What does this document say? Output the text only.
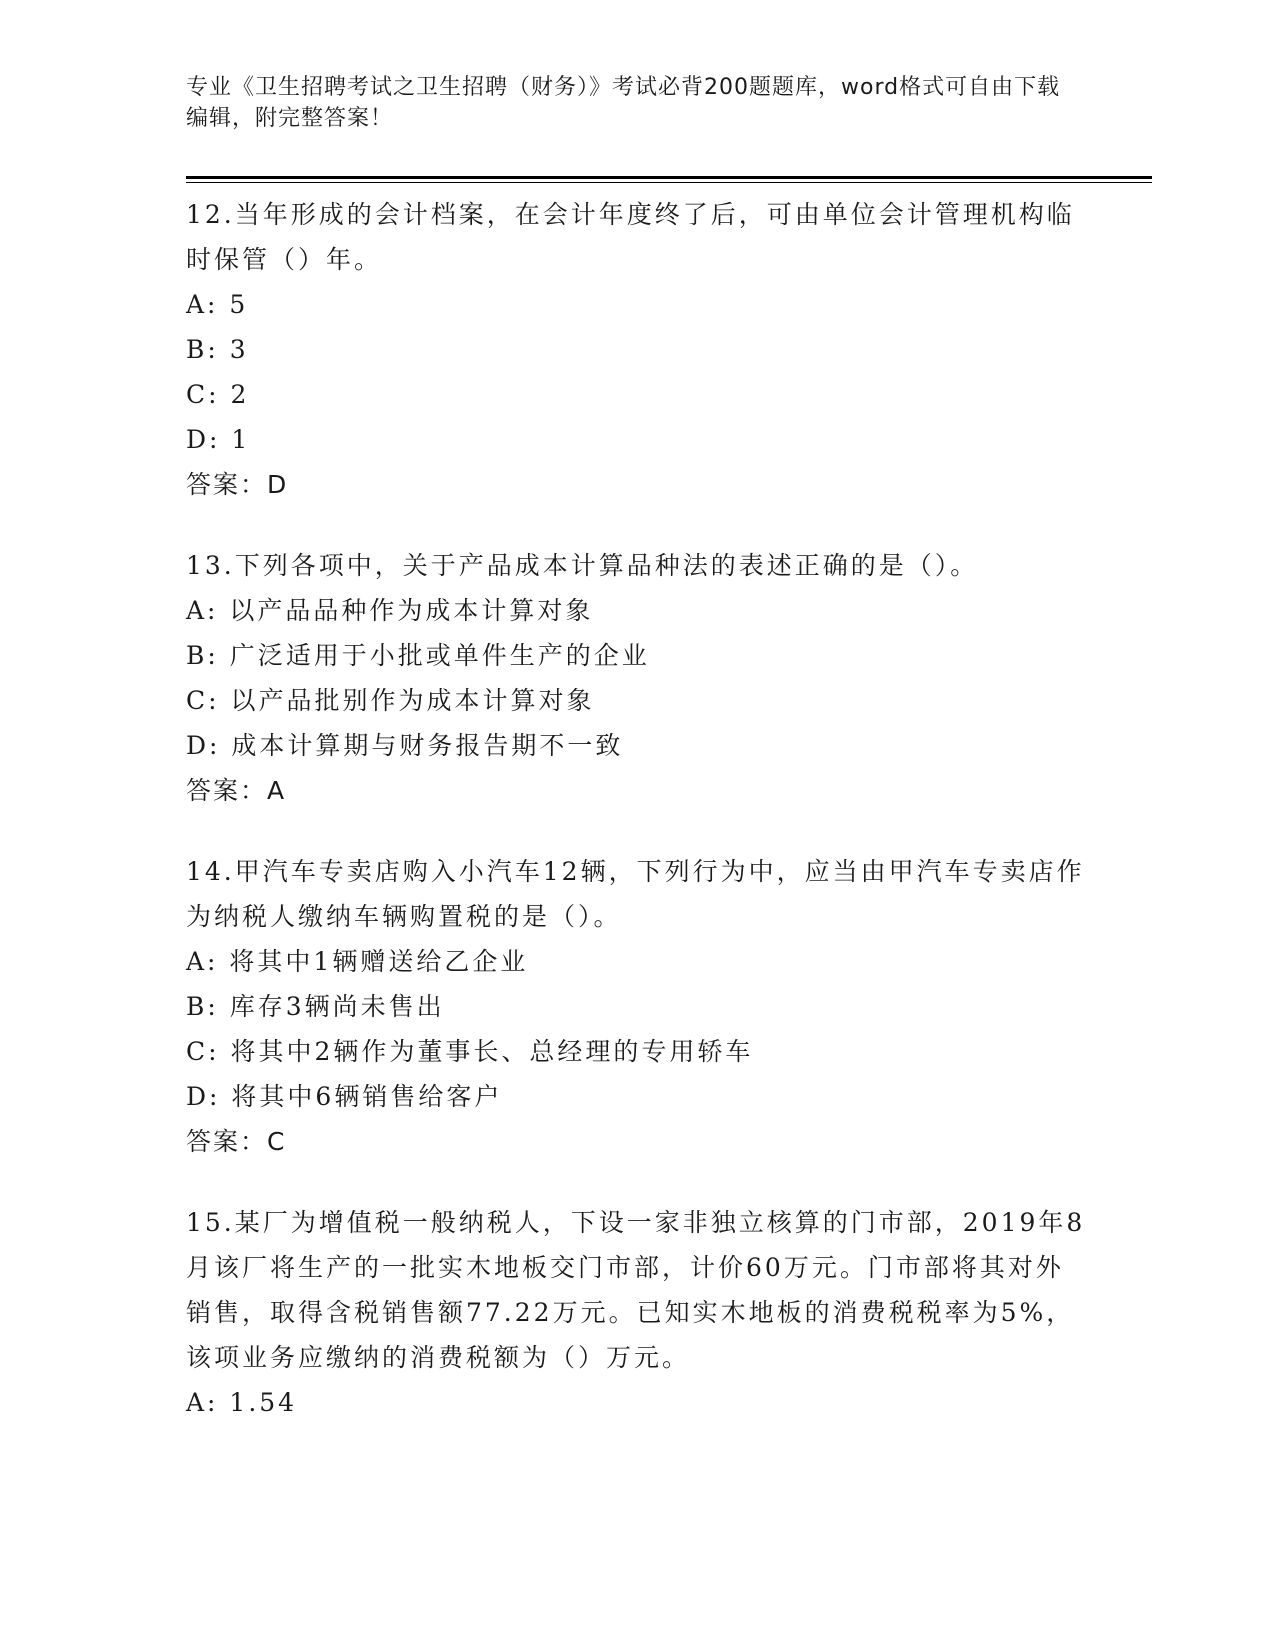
专业《卫生招聘考试之卫生招聘（财务）》考试必背200题题库，word格式可自由下载编辑，附完整答案！

12.当年形成的会计档案，在会计年度终了后，可由单位会计管理机构临时保管（）年。

A: 5

B: 3

C: 2

D: 1

答案：D

13.下列各项中，关于产品成本计算品种法的表述正确的是（）。

A: 以产品品种作为成本计算对象

B: 广泛适用于小批或单件生产的企业

C: 以产品批别作为成本计算对象

D: 成本计算期与财务报告期不一致

答案：A

14.甲汽车专卖店购入小汽车12辆，下列行为中，应当由甲汽车专卖店作为纳税人缴纳车辆购置税的是（）。

A: 将其中1辆赠送给乙企业

B: 库存3辆尚未售出

C: 将其中2辆作为董事长、总经理的专用轿车

D: 将其中6辆销售给客户

答案：C

15.某厂为增值税一般纳税人，下设一家非独立核算的门市部，2019年8月该厂将生产的一批实木地板交门市部，计价60万元。门市部将其对外销售，取得含税销售额77.22万元。已知实木地板的消费税税率为5%，该项业务应缴纳的消费税额为（）万元。

A: 1.54
